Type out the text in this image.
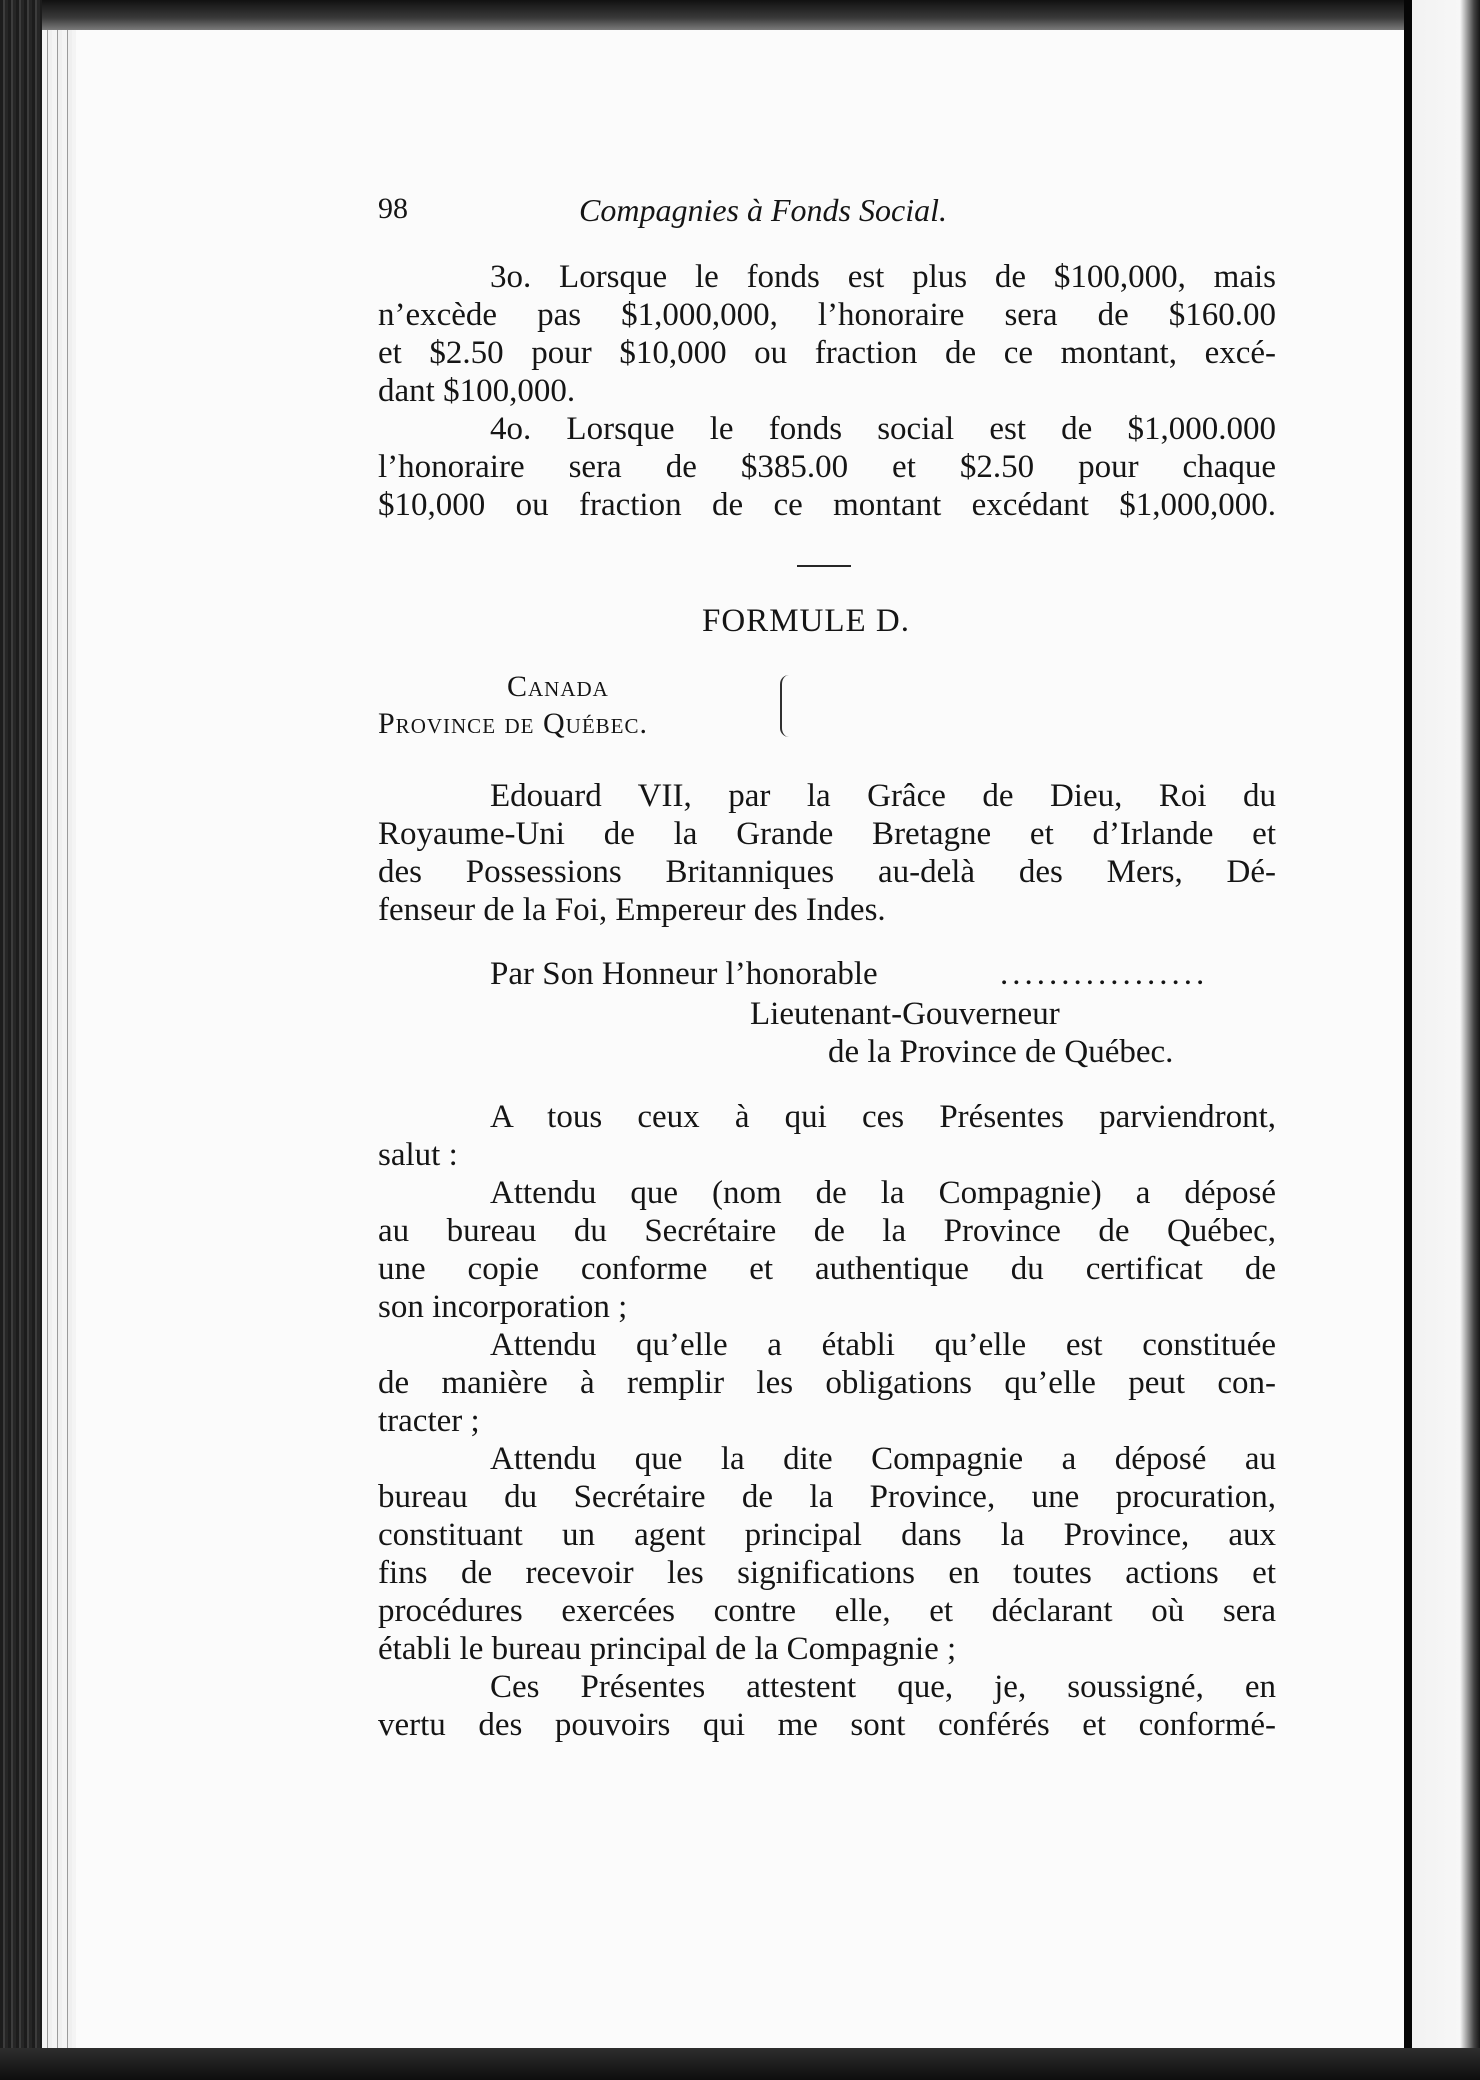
98	Compagnies à Fonds Social.
3o. Lorsque le fonds est plus de $100,000, mais
n’excède pas $1,000,000, l’honoraire sera de $160.00
et $2.50 pour $10,000 ou fraction de ce montant, excé-
dant $100,000.
4o. Lorsque le fonds social est de $1,000.000
l’honoraire sera de $385.00 et $2.50 pour chaque
$10,000 ou fraction de ce montant excédant $1,000,000.
FORMULE D.
Canada
Province de Québec.
Edouard VII, par la Grâce de Dieu, Roi du
Royaume-Uni de la Grande Bretagne et d’Irlande et
des Possessions Britanniques au-delà des Mers, Dé-
fenseur de la Foi, Empereur des Indes.
Par Son Honneur l’honorable	.................
Lieutenant-Gouverneur
de la Province de Québec.
A tous ceux à qui ces Présentes parviendront,
salut :
Attendu que (nom de la Compagnie) a déposé
au bureau du Secrétaire de la Province de Québec,
une copie conforme et authentique du certificat de
son incorporation ;
Attendu qu’elle a établi qu’elle est constituée
de manière à remplir les obligations qu’elle peut con-
tracter ;
Attendu que la dite Compagnie a déposé au
bureau du Secrétaire de la Province, une procuration,
constituant un agent principal dans la Province, aux
fins de recevoir les significations en toutes actions et
procédures exercées contre elle, et déclarant où sera
établi le bureau principal de la Compagnie ;
Ces Présentes attestent que, je, soussigné, en
vertu des pouvoirs qui me sont conférés et conformé-
